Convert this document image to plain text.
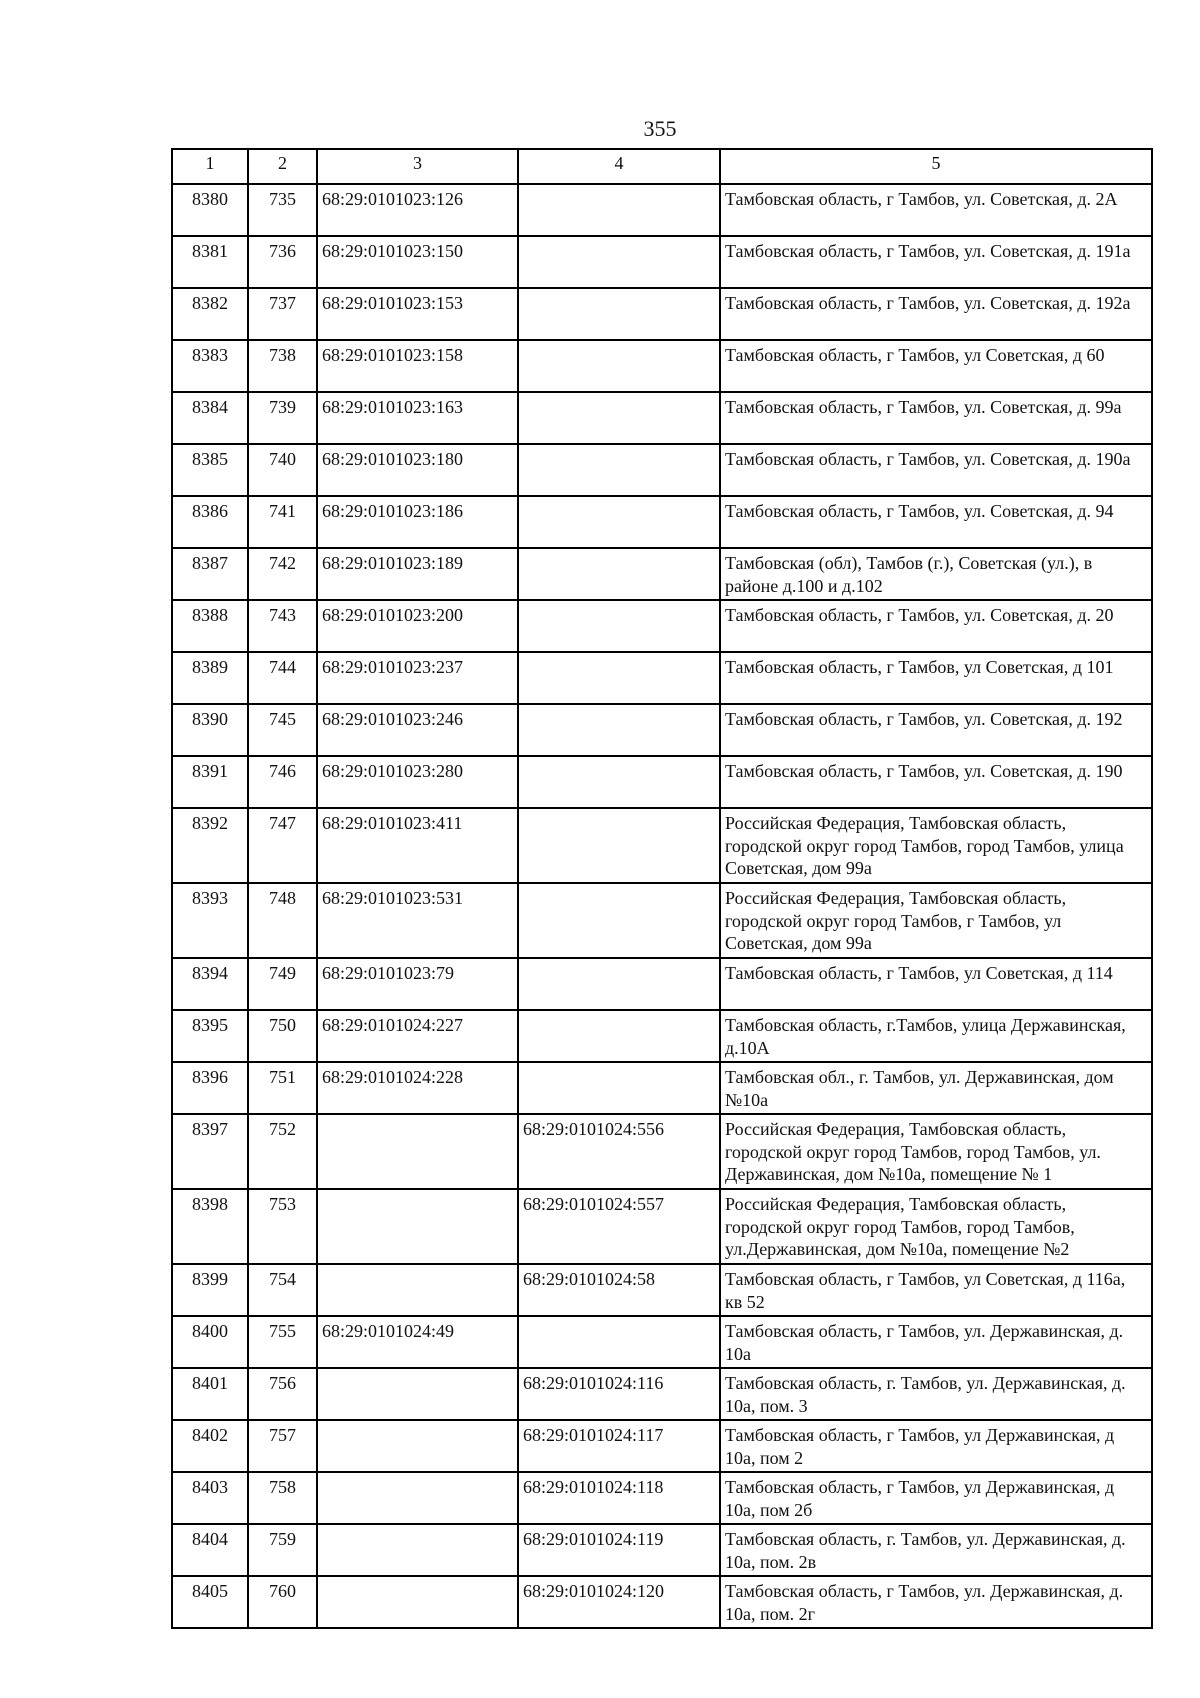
355
1	2	3	4	5
8380	735	68:29:0101023:126		Тамбовская область, г Тамбов, ул. Советская, д. 2А
8381	736	68:29:0101023:150		Тамбовская область, г Тамбов, ул. Советская, д. 191а
8382	737	68:29:0101023:153		Тамбовская область, г Тамбов, ул. Советская, д. 192а
8383	738	68:29:0101023:158		Тамбовская область, г Тамбов, ул Советская, д 60
8384	739	68:29:0101023:163		Тамбовская область, г Тамбов, ул. Советская, д. 99а
8385	740	68:29:0101023:180		Тамбовская область, г Тамбов, ул. Советская, д. 190а
8386	741	68:29:0101023:186		Тамбовская область, г Тамбов, ул. Советская, д. 94
8387	742	68:29:0101023:189		Тамбовская (обл), Тамбов (г.), Советская (ул.), в районе д.100 и д.102
8388	743	68:29:0101023:200		Тамбовская область, г Тамбов, ул. Советская, д. 20
8389	744	68:29:0101023:237		Тамбовская область, г Тамбов, ул Советская, д 101
8390	745	68:29:0101023:246		Тамбовская область, г Тамбов, ул. Советская, д. 192
8391	746	68:29:0101023:280		Тамбовская область, г Тамбов, ул. Советская, д. 190
8392	747	68:29:0101023:411		Российская Федерация, Тамбовская область, городской округ город Тамбов, город Тамбов, улица Советская, дом 99а
8393	748	68:29:0101023:531		Российская Федерация, Тамбовская область, городской округ город Тамбов, г Тамбов, ул Советская, дом 99а
8394	749	68:29:0101023:79		Тамбовская область, г Тамбов, ул Советская, д 114
8395	750	68:29:0101024:227		Тамбовская область, г.Тамбов, улица Державинская, д.10А
8396	751	68:29:0101024:228		Тамбовская обл., г. Тамбов, ул. Державинская, дом №10а
8397	752		68:29:0101024:556	Российская Федерация, Тамбовская область, городской округ город Тамбов, город Тамбов, ул. Державинская, дом №10а, помещение № 1
8398	753		68:29:0101024:557	Российская Федерация, Тамбовская область, городской округ город Тамбов, город Тамбов, ул.Державинская, дом №10а, помещение №2
8399	754		68:29:0101024:58	Тамбовская область, г Тамбов, ул Советская, д 116а, кв 52
8400	755	68:29:0101024:49		Тамбовская область, г Тамбов, ул. Державинская, д. 10а
8401	756		68:29:0101024:116	Тамбовская область, г. Тамбов, ул. Державинская, д. 10а, пом. 3
8402	757		68:29:0101024:117	Тамбовская область, г Тамбов, ул Державинская, д 10а, пом 2
8403	758		68:29:0101024:118	Тамбовская область, г Тамбов, ул Державинская, д 10а, пом 2б
8404	759		68:29:0101024:119	Тамбовская область, г. Тамбов, ул. Державинская, д. 10а, пом. 2в
8405	760		68:29:0101024:120	Тамбовская область, г Тамбов, ул. Державинская, д. 10а, пом. 2г
